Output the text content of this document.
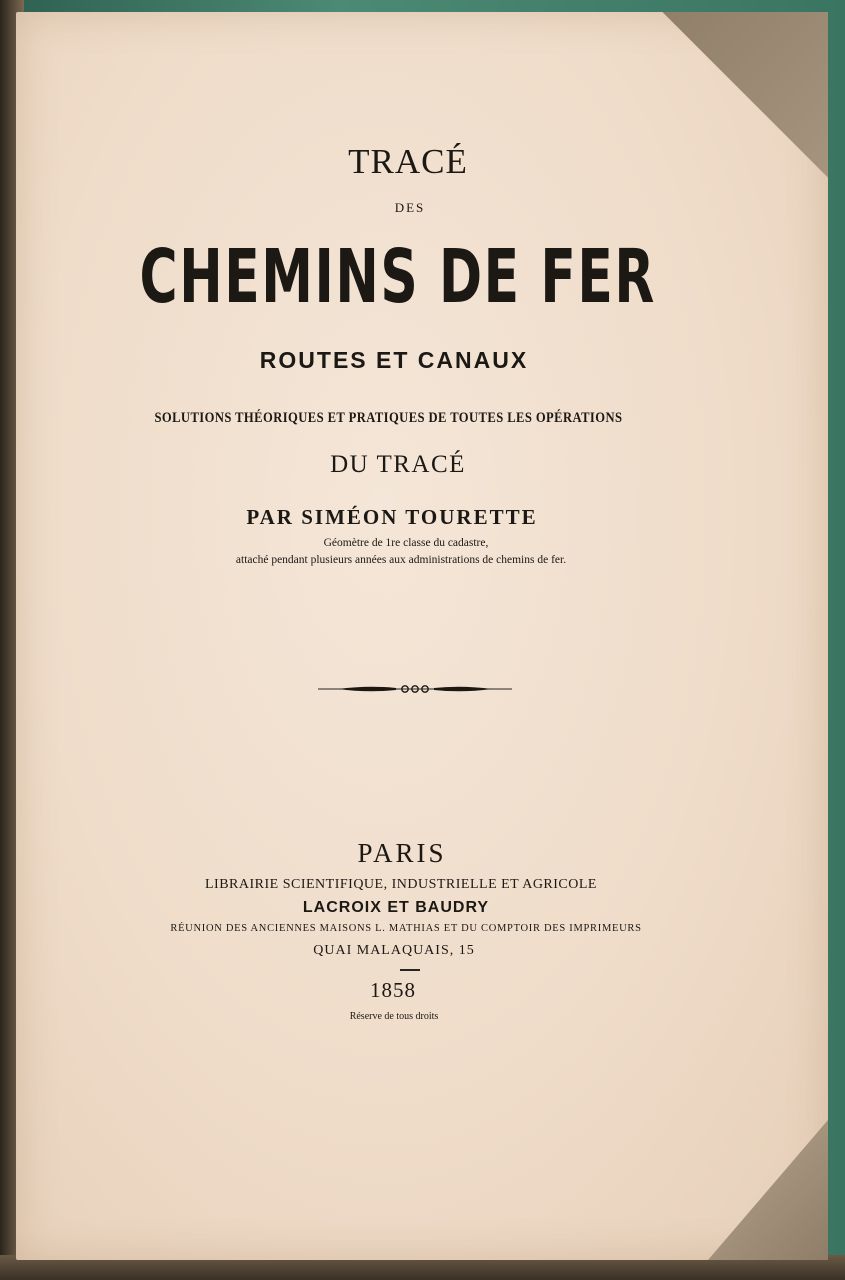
TRACÉ
DES
CHEMINS DE FER
ROUTES ET CANAUX
SOLUTIONS THÉORIQUES ET PRATIQUES DE TOUTES LES OPÉRATIONS
DU TRACÉ
PAR SIMÉON TOURETTE
Géomètre de 1re classe du cadastre,
attaché pendant plusieurs années aux administrations de chemins de fer.
PARIS
LIBRAIRIE SCIENTIFIQUE, INDUSTRIELLE ET AGRICOLE
LACROIX ET BAUDRY
RÉUNION DES ANCIENNES MAISONS L. MATHIAS ET DU COMPTOIR DES IMPRIMEURS
QUAI MALAQUAIS, 15
1858
Réserve de tous droits
